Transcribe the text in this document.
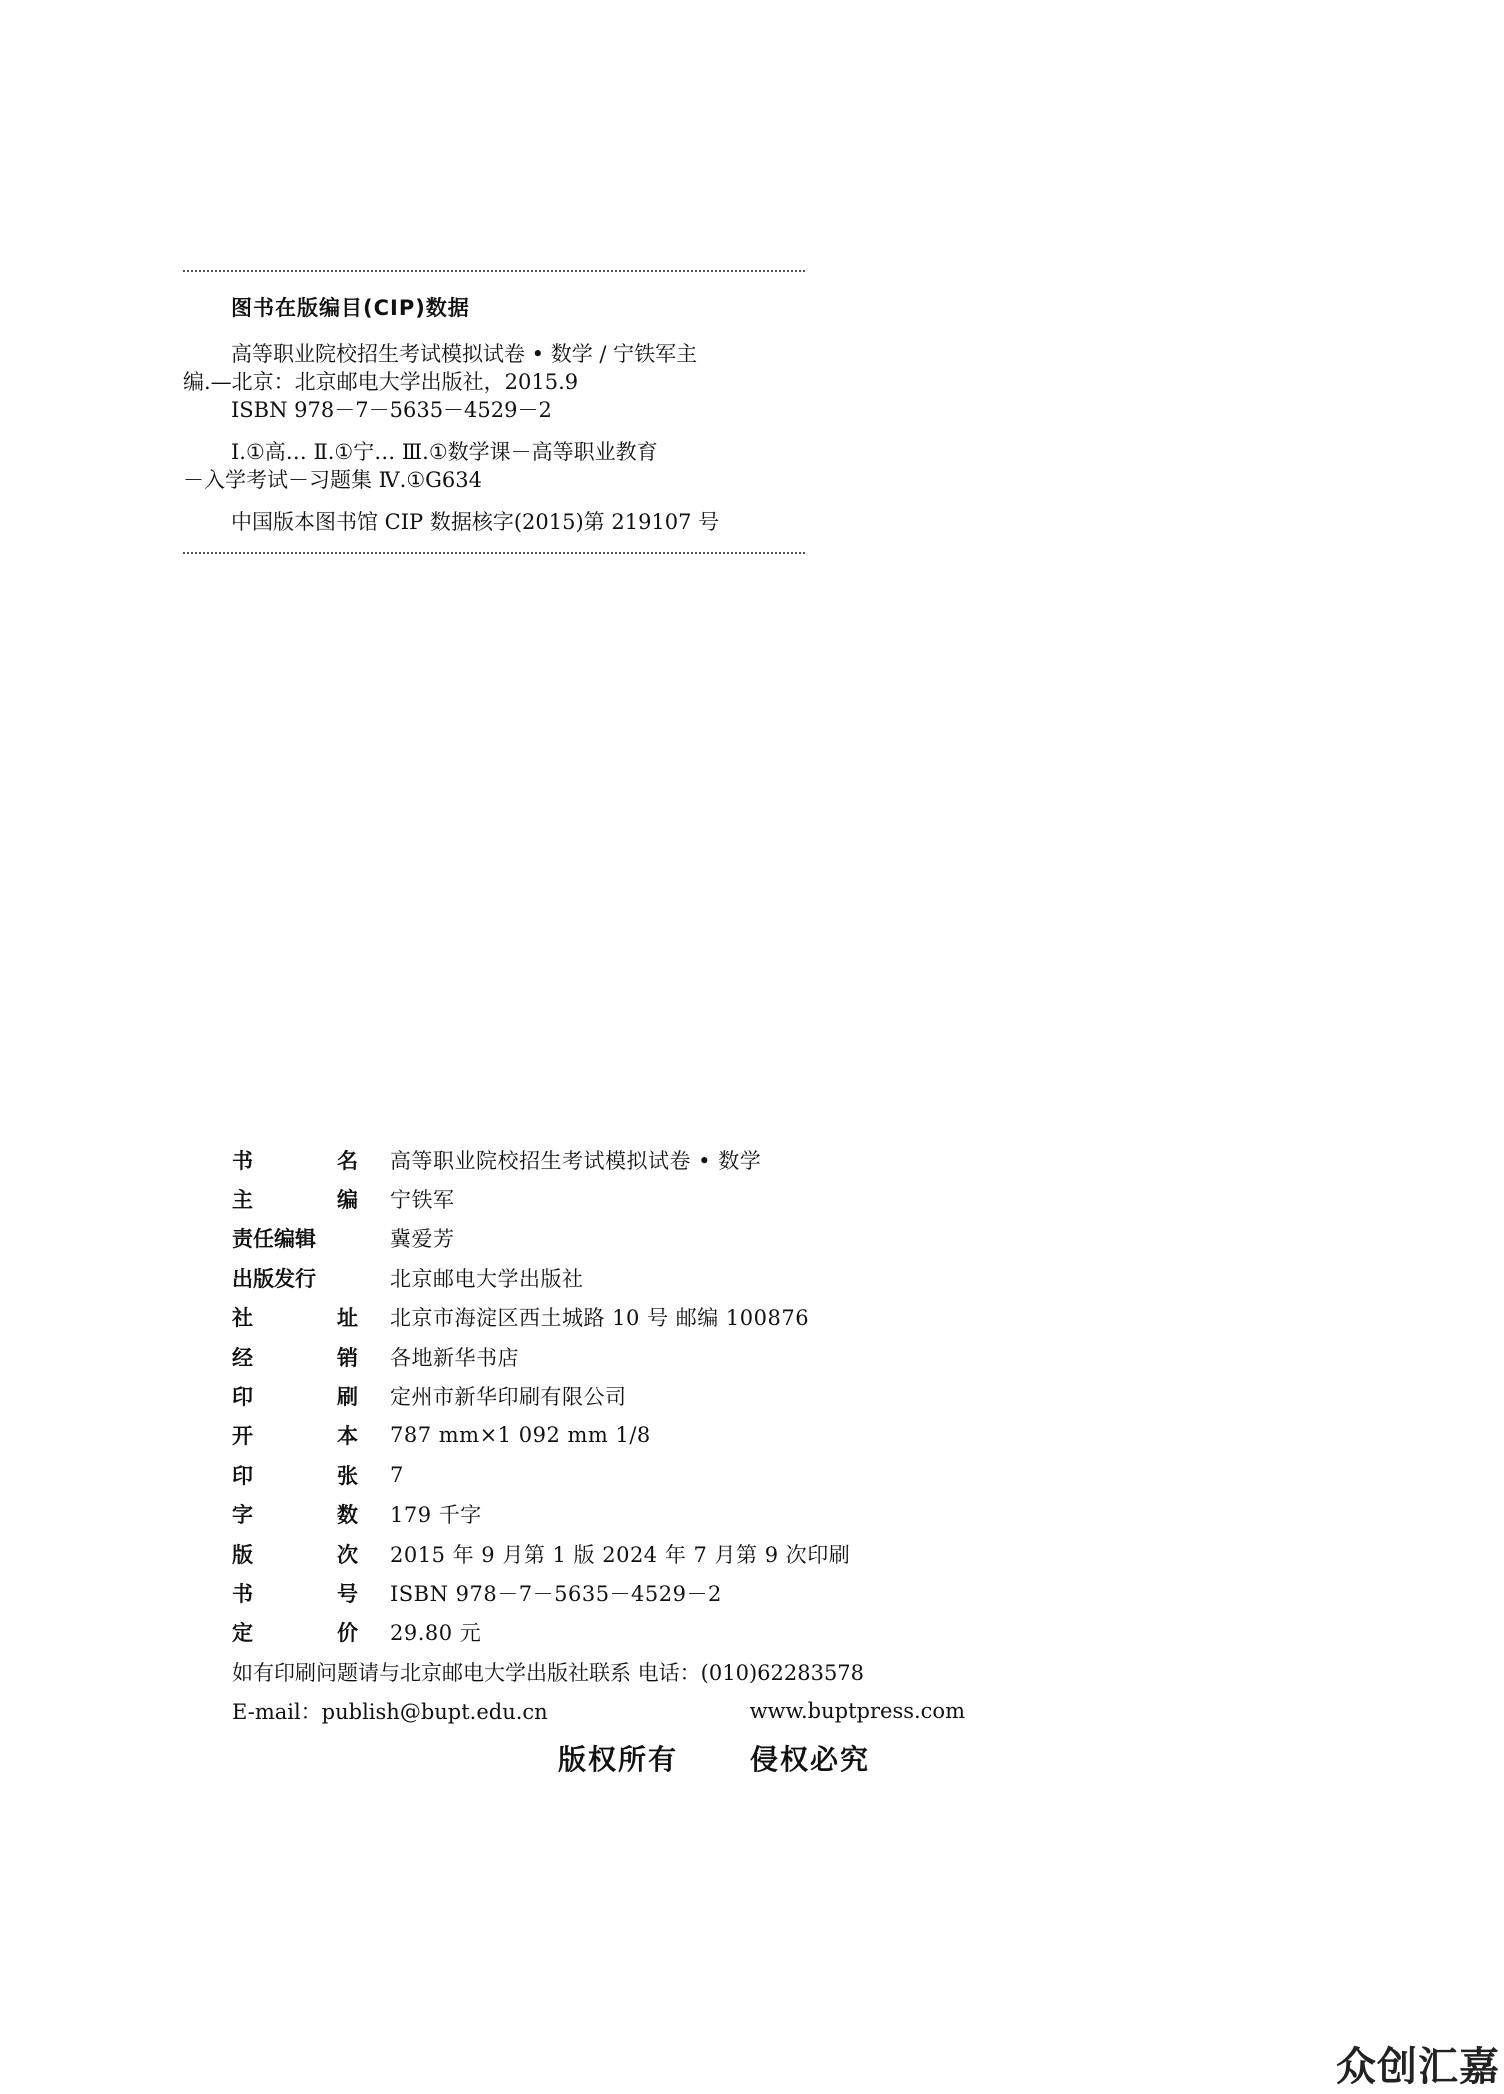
图书在版编目(CIP)数据
高等职业院校招生考试模拟试卷 • 数学 / 宁铁军主
编.—北京：北京邮电大学出版社，2015.9
ISBN 978－7－5635－4529－2
Ⅰ.①高… Ⅱ.①宁… Ⅲ.①数学课－高等职业教育
－入学考试－习题集 Ⅳ.①G634
中国版本图书馆 CIP 数据核字(2015)第 219107 号
书	名 高等职业院校招生考试模拟试卷 • 数学
主	编 宁铁军
责任编辑	冀爱芳
出版发行	北京邮电大学出版社
社	址 北京市海淀区西土城路 10 号 邮编 100876
经	销 各地新华书店
印	刷 定州市新华印刷有限公司
开	本 787 mm×1 092 mm 1/8
印	张 7
字	数 179 千字
版	次 2015 年 9 月第 1 版 2024 年 7 月第 9 次印刷
书	号 ISBN 978－7－5635－4529－2
定	价 29.80 元
如有印刷问题请与北京邮电大学出版社联系 电话：(010)62283578
E-mail：publish@bupt.edu.cn	www.buptpress.com
版权所有	侵权必究
众创汇嘉
